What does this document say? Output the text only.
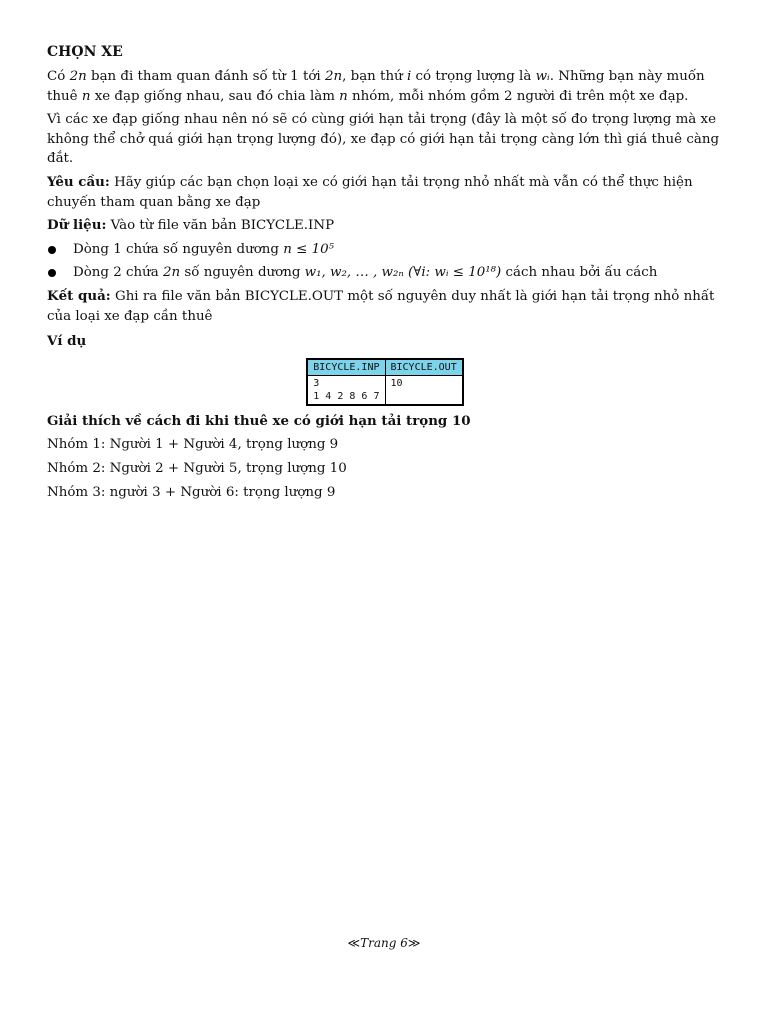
CHỌN XE

Có 2n bạn đi tham quan đánh số từ 1 tới 2n, bạn thứ i có trọng lượng là wᵢ. Những bạn này muốn thuê n xe đạp giống nhau, sau đó chia làm n nhóm, mỗi nhóm gồm 2 người đi trên một xe đạp.

Vì các xe đạp giống nhau nên nó sẽ có cùng giới hạn tải trọng (đây là một số đo trọng lượng mà xe không thể chở quá giới hạn trọng lượng đó), xe đạp có giới hạn tải trọng càng lớn thì giá thuê càng đắt.

Yêu cầu: Hãy giúp các bạn chọn loại xe có giới hạn tải trọng nhỏ nhất mà vẫn có thể thực hiện chuyến tham quan bằng xe đạp

Dữ liệu: Vào từ file văn bản BICYCLE.INP

Dòng 1 chứa số nguyên dương n ≤ 10⁵
Dòng 2 chứa 2n số nguyên dương w₁, w₂, … , w₂ₙ (∀i: wᵢ ≤ 10¹⁸) cách nhau bởi ấu cách

Kết quả: Ghi ra file văn bản BICYCLE.OUT một số nguyên duy nhất là giới hạn tải trọng nhỏ nhất của loại xe đạp cần thuê

Ví dụ

BICYCLE.INP	BICYCLE.OUT
3
1 4 2 8 6 7	10

Giải thích về cách đi khi thuê xe có giới hạn tải trọng 10

Nhóm 1: Người 1 + Người 4, trọng lượng 9

Nhóm 2: Người 2 + Người 5, trọng lượng 10

Nhóm 3: người 3 + Người 6: trọng lượng 9

≪Trang 6≫
